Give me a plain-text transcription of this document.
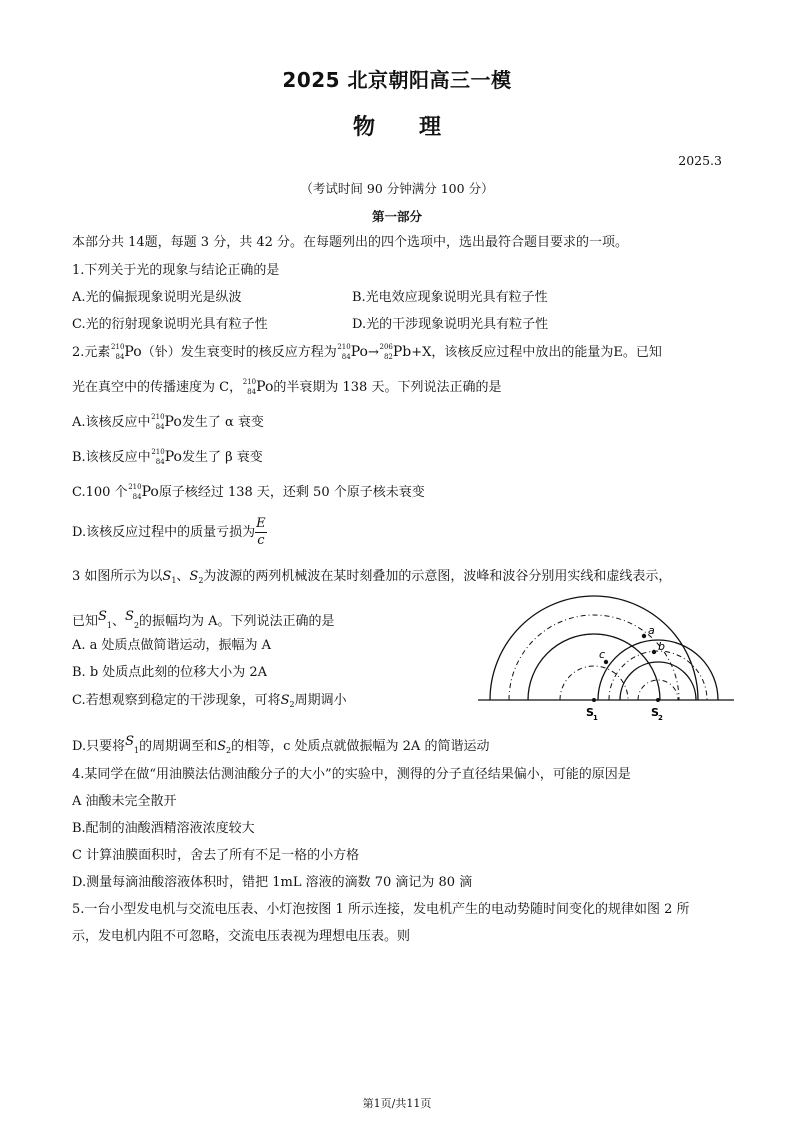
2025 北京朝阳高三一模
物 理
2025.3
（考试时间 90 分钟满分 100 分）
第一部分
本部分共 14题，每题 3 分，共 42 分。在每题列出的四个选项中，选出最符合题目要求的一项。
1.下列关于光的现象与结论正确的是
A.光的偏振现象说明光是纵波	B.光电效应现象说明光具有粒子性
C.光的衍射现象说明光具有粒子性	D.光的干涉现象说明光具有粒子性
2.元素 210
84 Po（钋）发生衰变时的核反应方程为 210
84 Po→ 206
82 Pb+X，该核反应过程中放出的能量为E。已知
光在真空中的传播速度为 C， 210
84 Po的半衰期为 138 天。下列说法正确的是
A.该核反应中 210
84 Po发生了 α 衰变
B.该核反应中 210
84 Po发生了 β 衰变
C.100 个 210
84 Po原子核经过 138 天，还剩 50 个原子核未衰变
D.该核反应过程中的质量亏损为 $\frac{E}{c}$
3 如图所示为以$S_1$、$S_2$为波源的两列机械波在某时刻叠加的示意图，波峰和波谷分别用实线和虚线表示，
已知$S_1$、$S_2$的振幅均为 A。下列说法正确的是
A. a 处质点做简谐运动，振幅为 A
B. b 处质点此刻的位移大小为 2A
C.若想观察到稳定的干涉现象，可将$S_2$周期调小
D.只要将$S_1$的周期调至和$S_2$的相等，c 处质点就做振幅为 2A 的简谐运动
a
b
c
S 1	S 2
4.某同学在做“用油膜法估测油酸分子的大小”的实验中，测得的分子直径结果偏小，可能的原因是
A 油酸未完全散开
B.配制的油酸酒精溶液浓度较大
C 计算油膜面积时，舍去了所有不足一格的小方格
D.测量每滴油酸溶液体积时，错把 1mL 溶液的滴数 70 滴记为 80 滴
5.一台小型发电机与交流电压表、小灯泡按图 1 所示连接，发电机产生的电动势随时间变化的规律如图 2 所
示，发电机内阻不可忽略，交流电压表视为理想电压表。则
第1页/共11页
